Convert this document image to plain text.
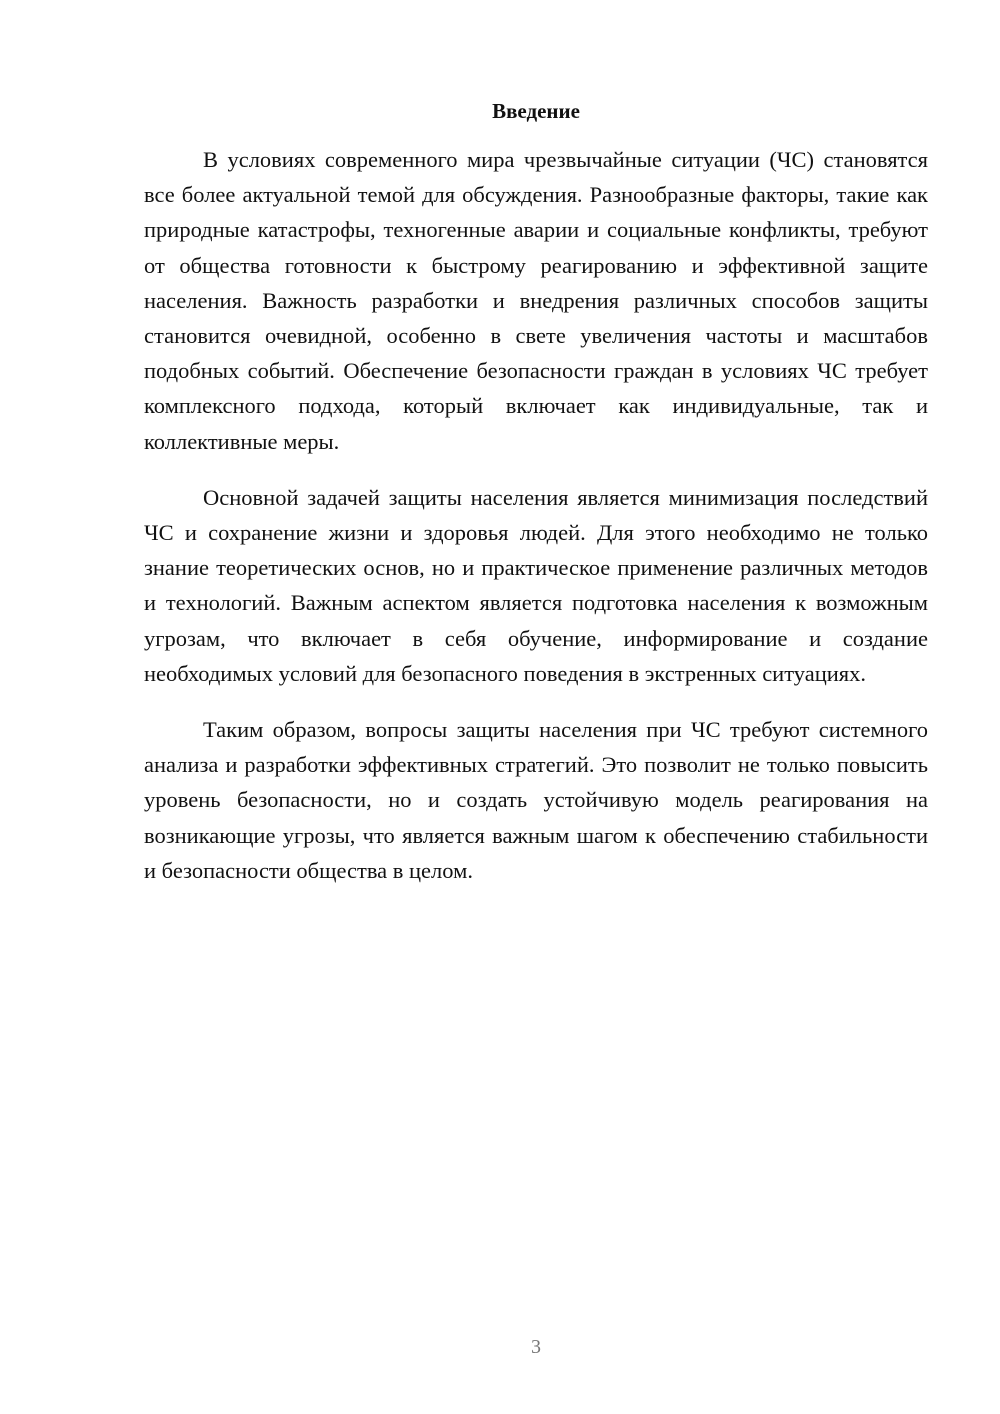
Введение

В условиях современного мира чрезвычайные ситуации (ЧС) становятся все более актуальной темой для обсуждения. Разнообразные факторы, такие как природные катастрофы, техногенные аварии и социальные конфликты, требуют от общества готовности к быстрому реагированию и эффективной защите населения. Важность разработки и внедрения различных способов защиты становится очевидной, особенно в свете увеличения частоты и масштабов подобных событий. Обеспечение безопасности граждан в условиях ЧС требует комплексного подхода, который включает как индивидуальные, так и коллективные меры.

Основной задачей защиты населения является минимизация последствий ЧС и сохранение жизни и здоровья людей. Для этого необходимо не только знание теоретических основ, но и практическое применение различных методов и технологий. Важным аспектом является подготовка населения к возможным угрозам, что включает в себя обучение, информирование и создание необходимых условий для безопасного поведения в экстренных ситуациях.

Таким образом, вопросы защиты населения при ЧС требуют системного анализа и разработки эффективных стратегий. Это позволит не только повысить уровень безопасности, но и создать устойчивую модель реагирования на возникающие угрозы, что является важным шагом к обеспечению стабильности и безопасности общества в целом.

3
